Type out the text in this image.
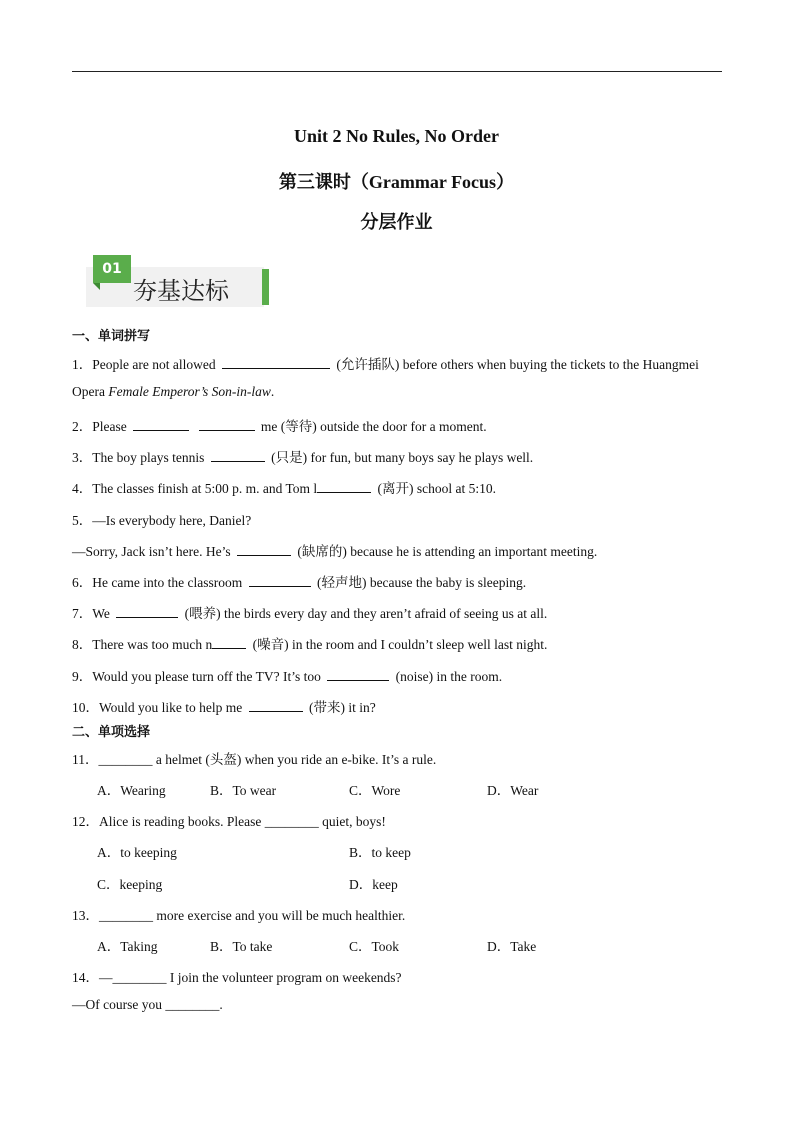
Unit 2 No Rules, No Order
第三课时（Grammar Focus）
分层作业
01
夯基达标
一、单词拼写
1．People are not allowed	(允许插队) before others when buying the tickets to the Huangmei
Opera Female Emperor’s Son-in-law.
2．Please	me (等待) outside the door for a moment.
3．The boy plays tennis	(只是) for fun, but many boys say he plays well.
4．The classes finish at 5:00 p. m. and Tom l	(离开) school at 5:10.
5．—Is everybody here, Daniel?
—Sorry, Jack isn’t here. He’s	(缺席的) because he is attending an important meeting.
6．He came into the classroom	(轻声地) because the baby is sleeping.
7．We	(喂养) the birds every day and they aren’t afraid of seeing us at all.
8．There was too much n	(噪音) in the room and I couldn’t sleep well last night.
9．Would you please turn off the TV? It’s too	(noise) in the room.
10．Would you like to help me	(带来) it in?
二、单项选择
11．________ a helmet (头盔) when you ride an e-bike. It’s a rule.
A．Wearing	B．To wear	C．Wore	D．Wear
12．Alice is reading books. Please ________ quiet, boys!
A．to keeping	B．to keep
C．keeping	D．keep
13．________ more exercise and you will be much healthier.
A．Taking	B．To take	C．Took	D．Take
14．—________ I join the volunteer program on weekends?
—Of course you ________.
